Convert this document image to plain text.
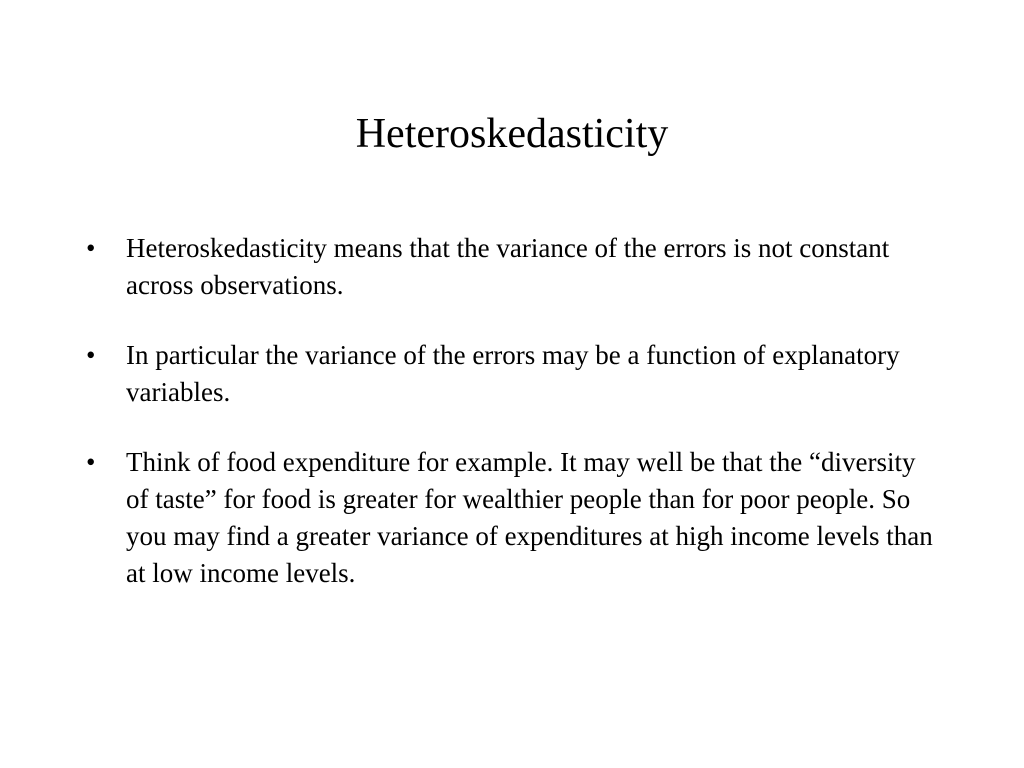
Heteroskedasticity
•	Heteroskedasticity means that the variance of the errors is not constant across observations.
•	In particular the variance of the errors may be a function of explanatory variables.
•	Think of food expenditure for example. It may well be that the “diversity of taste” for food is greater for wealthier people than for poor people. So you may find a greater variance of expenditures at high income levels than at low income levels.
